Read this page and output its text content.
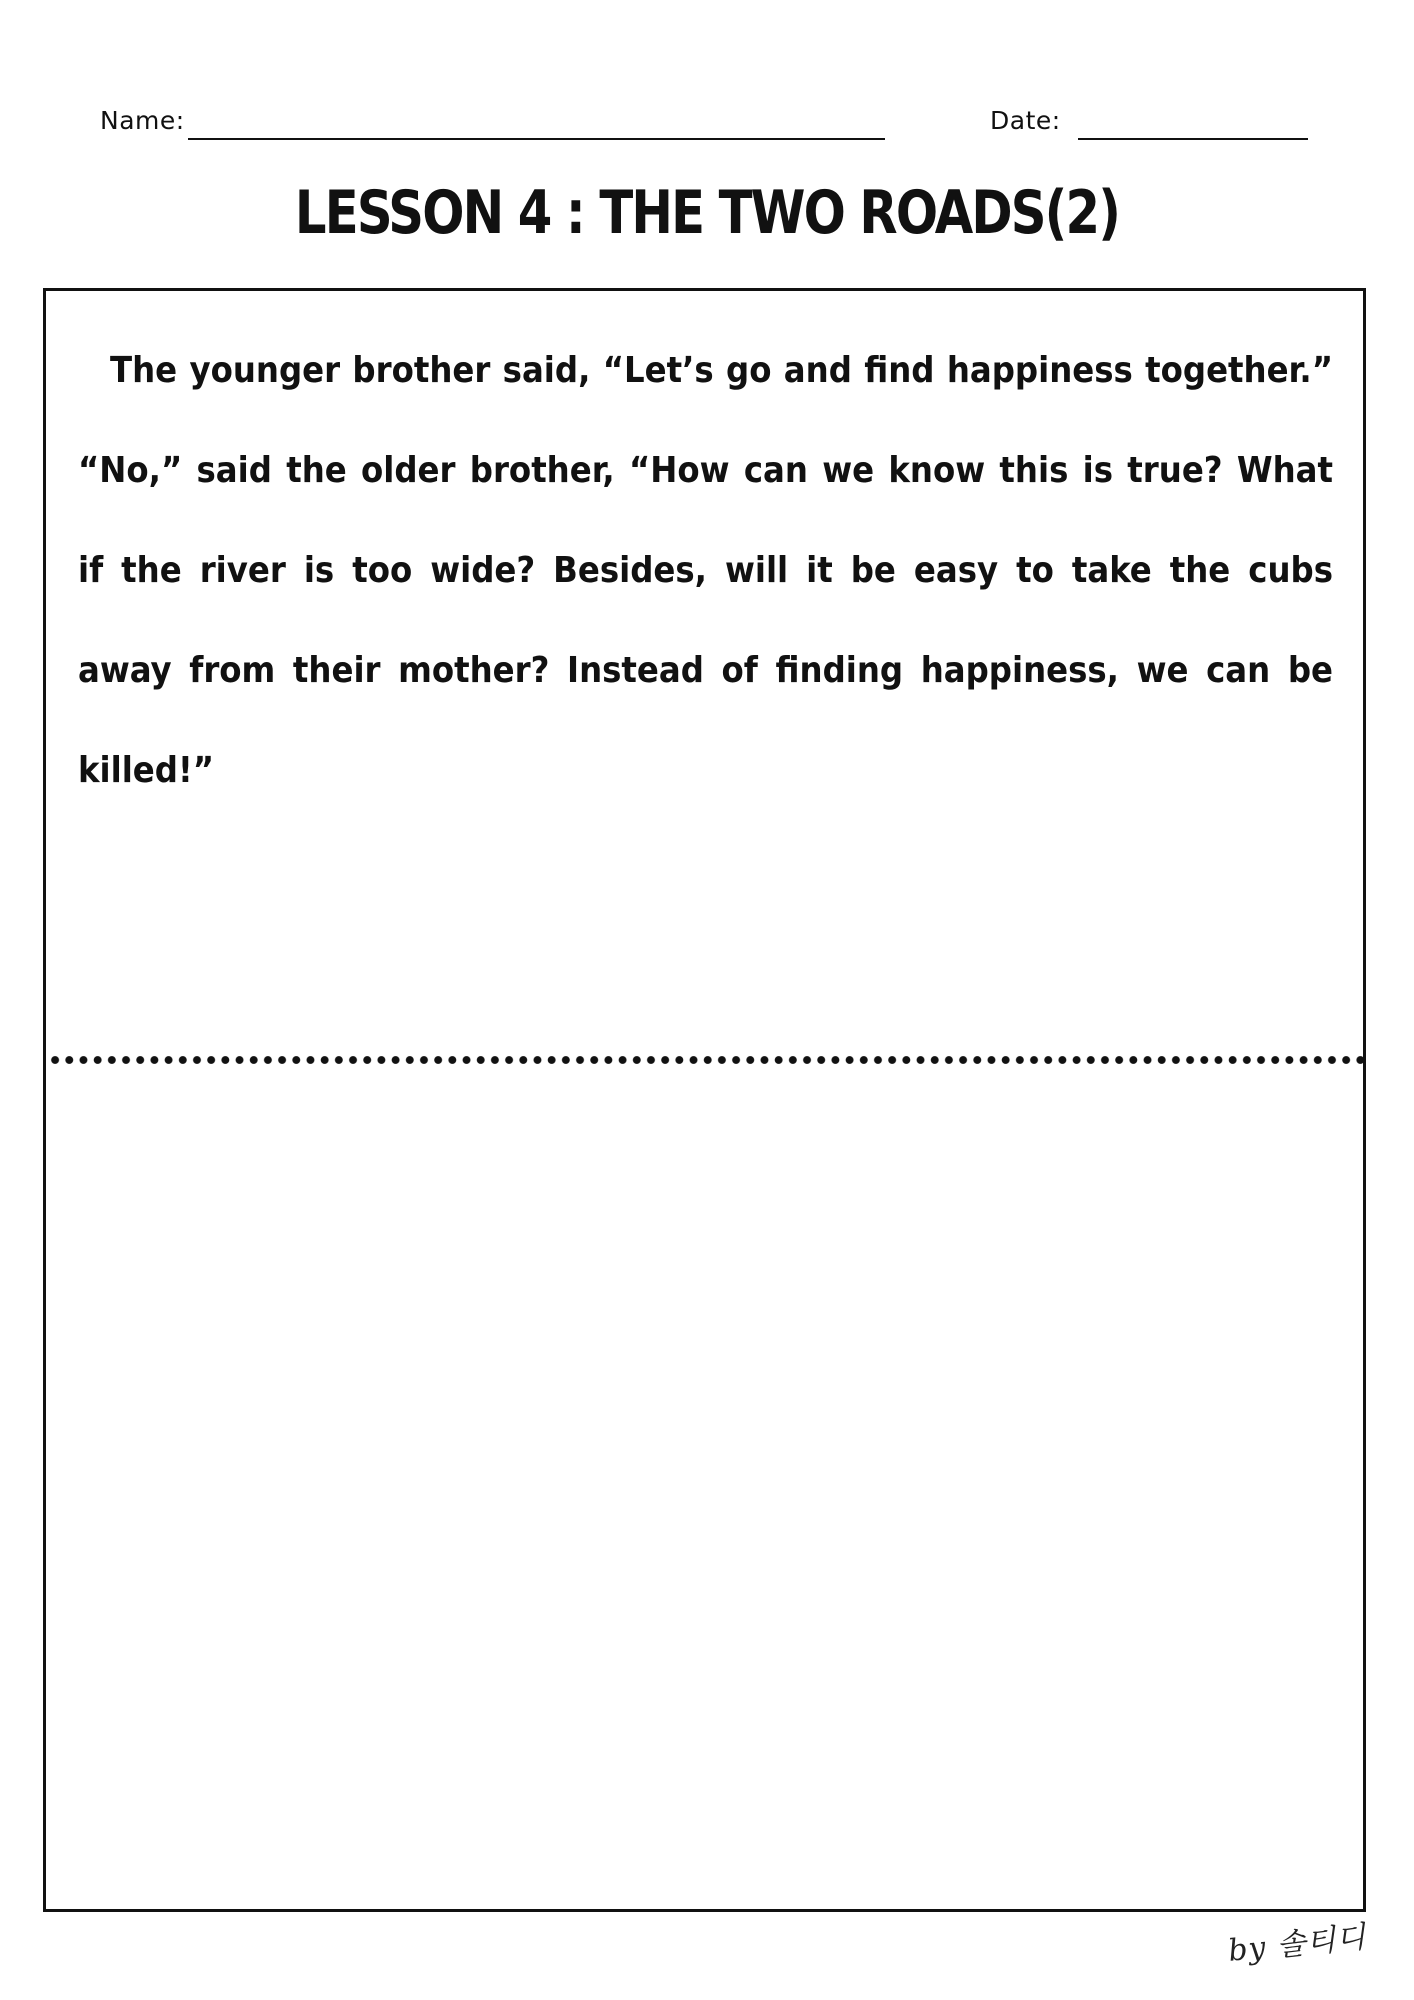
Name:	Date:
LESSON 4 : THE TWO ROADS(2)

The younger brother said, “Let’s go and find happiness together.” “No,” said the older brother, “How can we know this is true? What if the river is too wide? Besides, will it be easy to take the cubs away from their mother? Instead of finding happiness, we can be killed!”

by 솔티디
